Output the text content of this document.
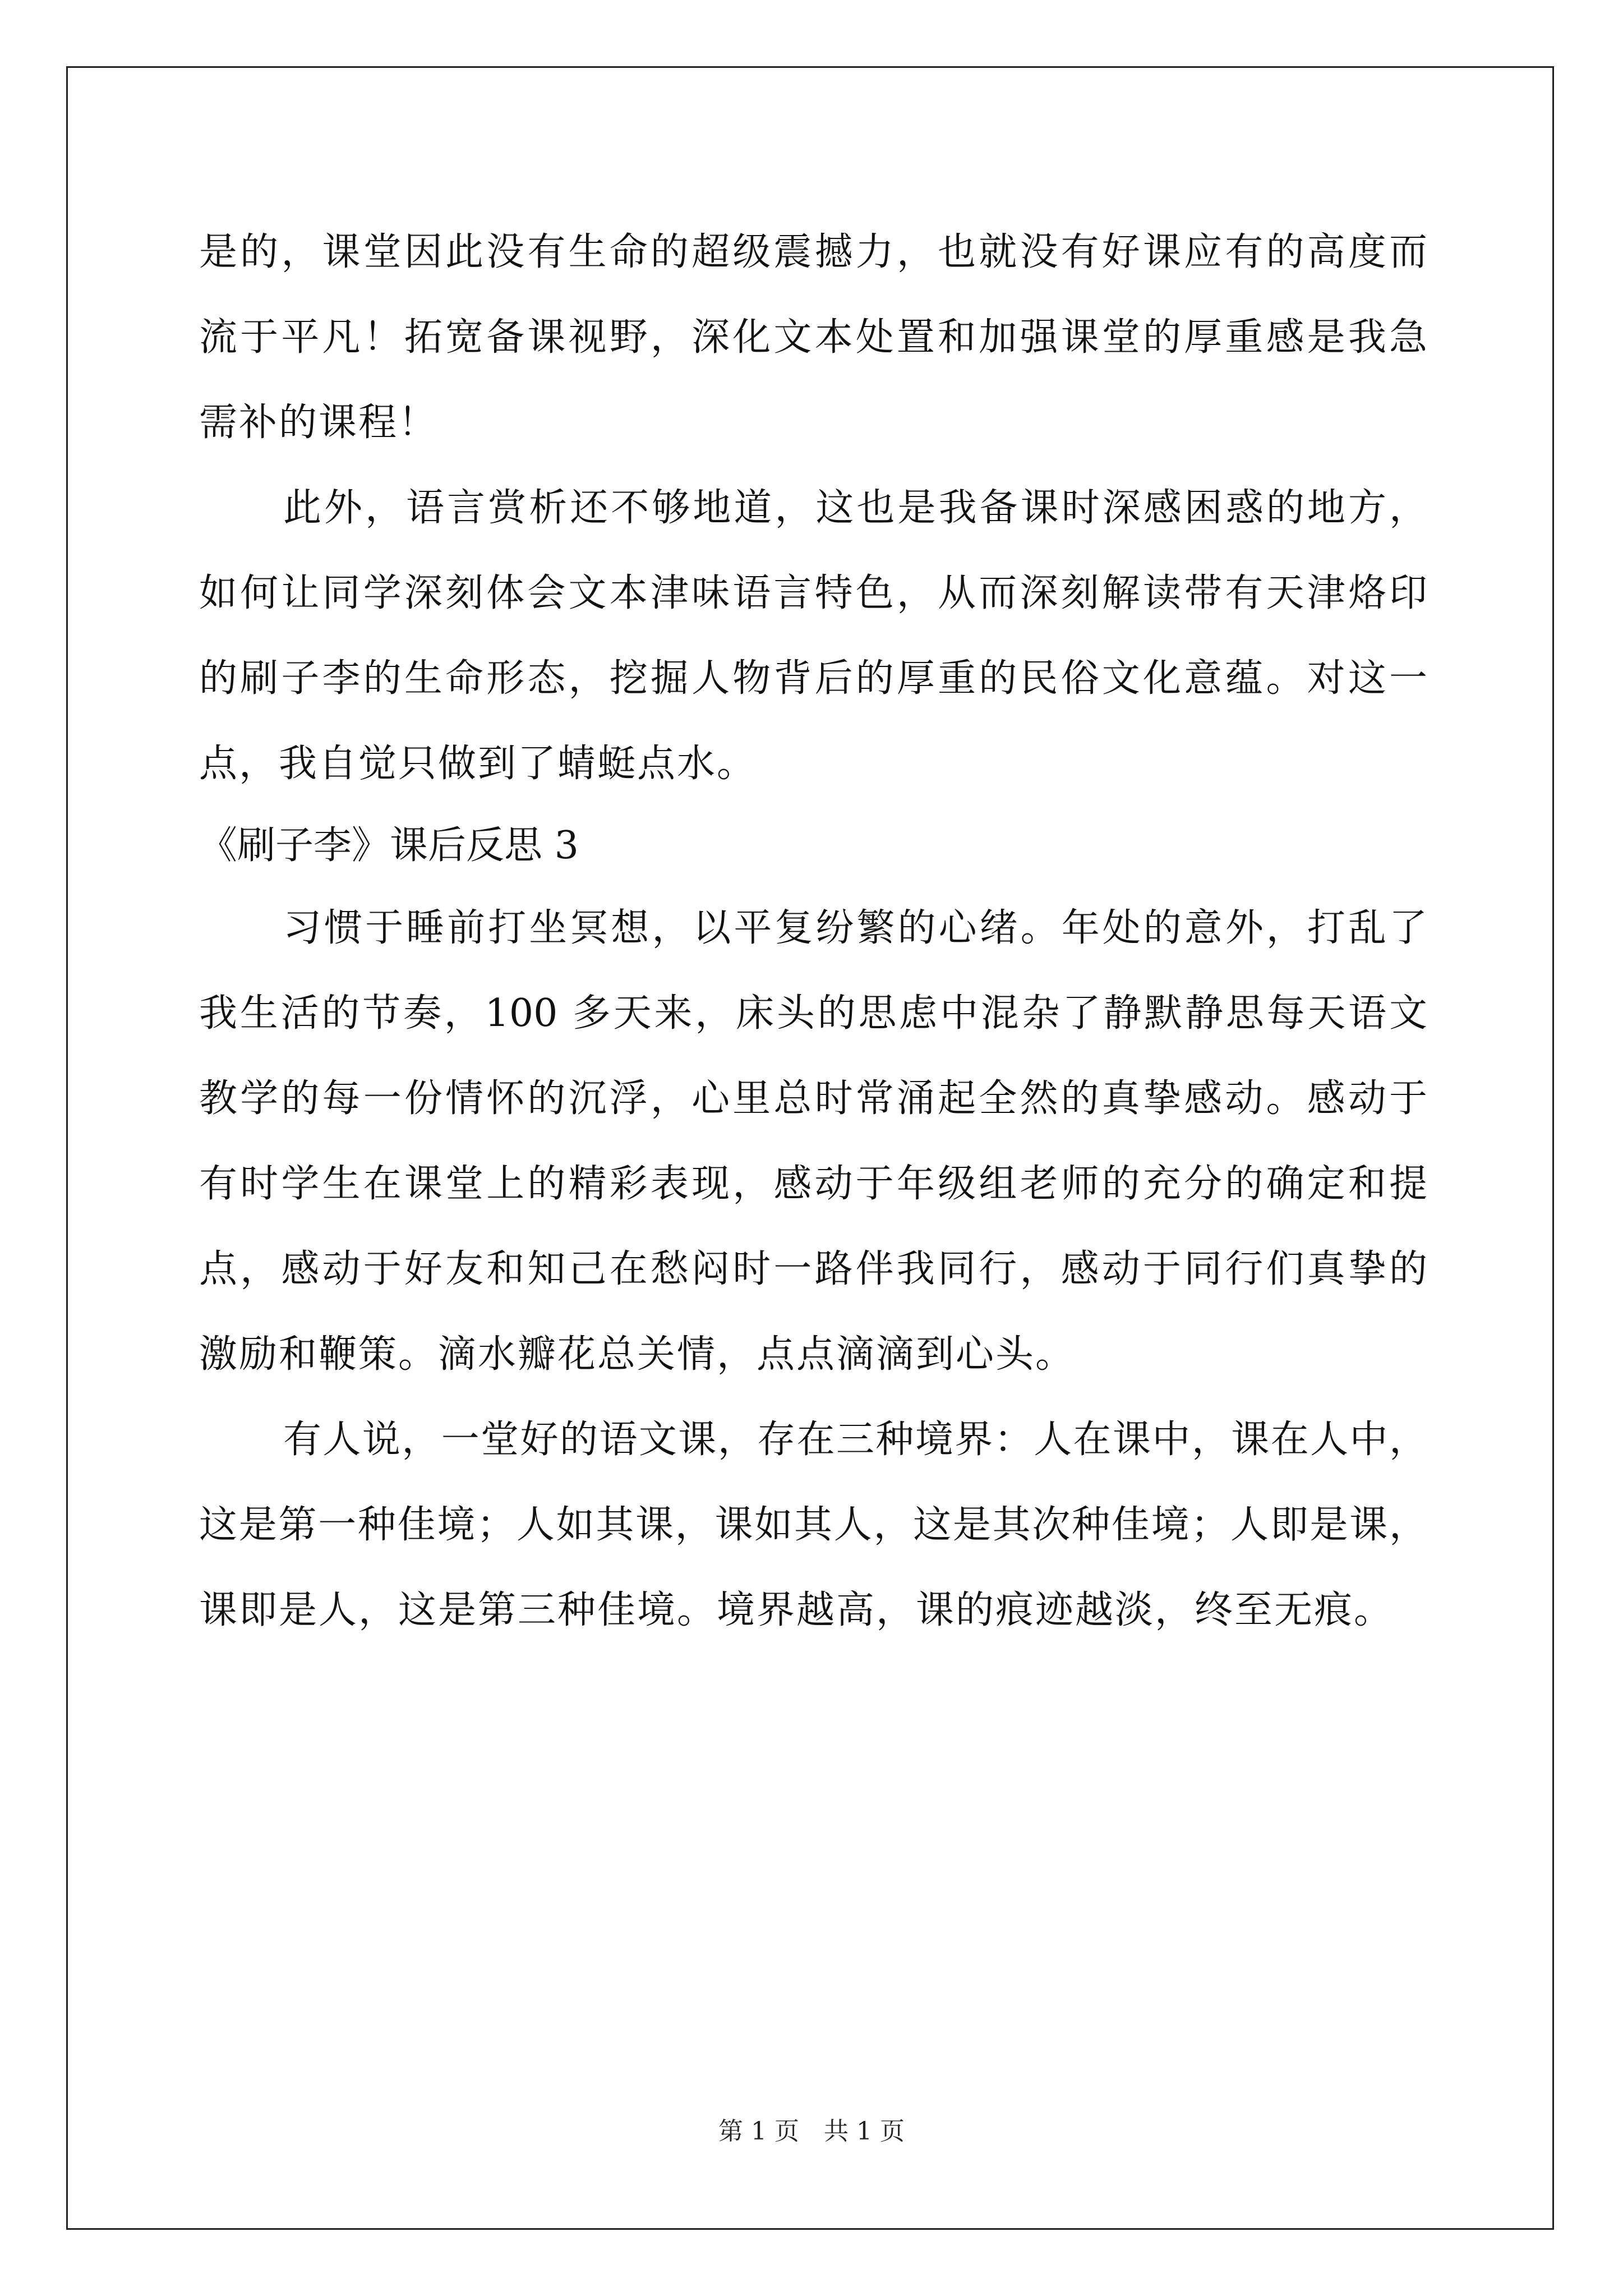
是的，课堂因此没有生命的超级震撼力，也就没有好课应有的高度而
流于平凡！拓宽备课视野，深化文本处置和加强课堂的厚重感是我急
需补的课程！
此外，语言赏析还不够地道，这也是我备课时深感困惑的地方，
如何让同学深刻体会文本津味语言特色，从而深刻解读带有天津烙印
的刷子李的生命形态，挖掘人物背后的厚重的民俗文化意蕴。对这一
点，我自觉只做到了蜻蜓点水。
《刷子李》课后反思 3
习惯于睡前打坐冥想，以平复纷繁的心绪。年处的意外，打乱了
我生活的节奏，100 多天来，床头的思虑中混杂了静默静思每天语文
教学的每一份情怀的沉浮，心里总时常涌起全然的真挚感动。感动于
有时学生在课堂上的精彩表现，感动于年级组老师的充分的确定和提
点，感动于好友和知己在愁闷时一路伴我同行，感动于同行们真挚的
激励和鞭策。滴水瓣花总关情，点点滴滴到心头。
有人说，一堂好的语文课，存在三种境界：人在课中，课在人中，
这是第一种佳境；人如其课，课如其人，这是其次种佳境；人即是课，
课即是人，这是第三种佳境。境界越高，课的痕迹越淡，终至无痕。
第 1 页　共 1 页
